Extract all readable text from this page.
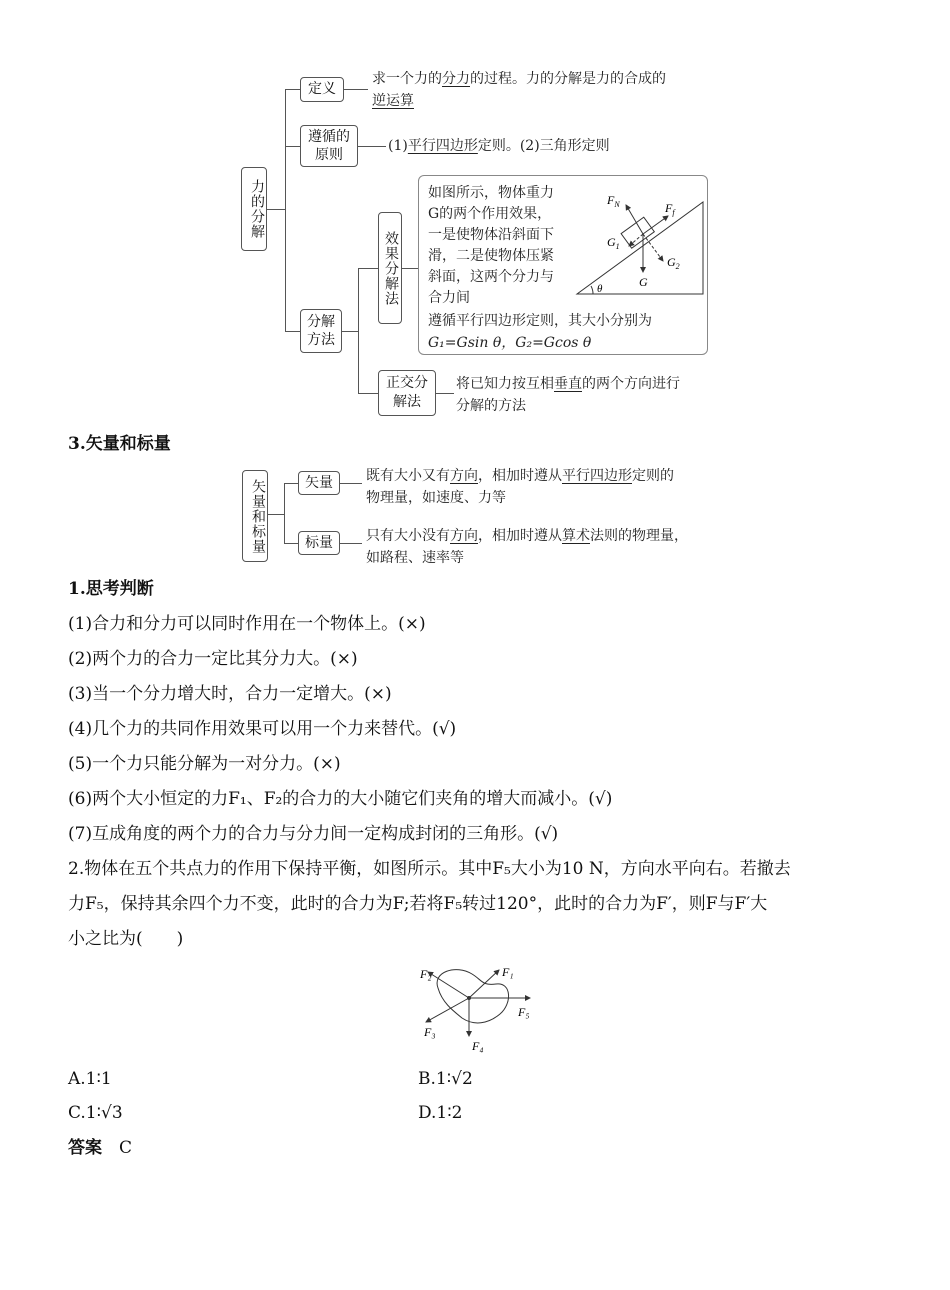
力的分解
定义
求一个力的分力的过程。力的分解是力的合成的
逆运算
遵循的原则
(1)平行四边形定则。(2)三角形定则
分解方法
效果分解法
如图所示，物体重力G的两个作用效果，一是使物体沿斜面下滑，二是使物体压紧斜面，这两个分力与合力间
遵循平行四边形定则，其大小分别为
G₁=Gsin θ，G₂=Gcos θ
$F_N$	$F_f$
$G_1$
$G_2$
G
θ
正交分解法
将已知力按互相垂直的两个方向进行
分解的方法
3.矢量和标量
矢量和标量	矢量	既有大小又有方向，相加时遵从平行四边形定则的
物理量，如速度、力等
标量	只有大小没有方向，相加时遵从算术法则的物理量，
如路程、速率等
1.思考判断
(1)合力和分力可以同时作用在一个物体上。(×)
(2)两个力的合力一定比其分力大。(×)
(3)当一个分力增大时，合力一定增大。(×)
(4)几个力的共同作用效果可以用一个力来替代。(√)
(5)一个力只能分解为一对分力。(×)
(6)两个大小恒定的力F₁、F₂的合力的大小随它们夹角的增大而减小。(√)
(7)互成角度的两个力的合力与分力间一定构成封闭的三角形。(√)
2.物体在五个共点力的作用下保持平衡，如图所示。其中F₅大小为10 N，方向水平向右。若撤去
力F₅，保持其余四个力不变，此时的合力为F;若将F₅转过120°，此时的合力为F′，则F与F′大
小之比为(　　)
F₁
F₂
F₃
F₄
F₅
A.1∶1	B.1∶√2
C.1∶√3	D.1∶2
答案　 C
